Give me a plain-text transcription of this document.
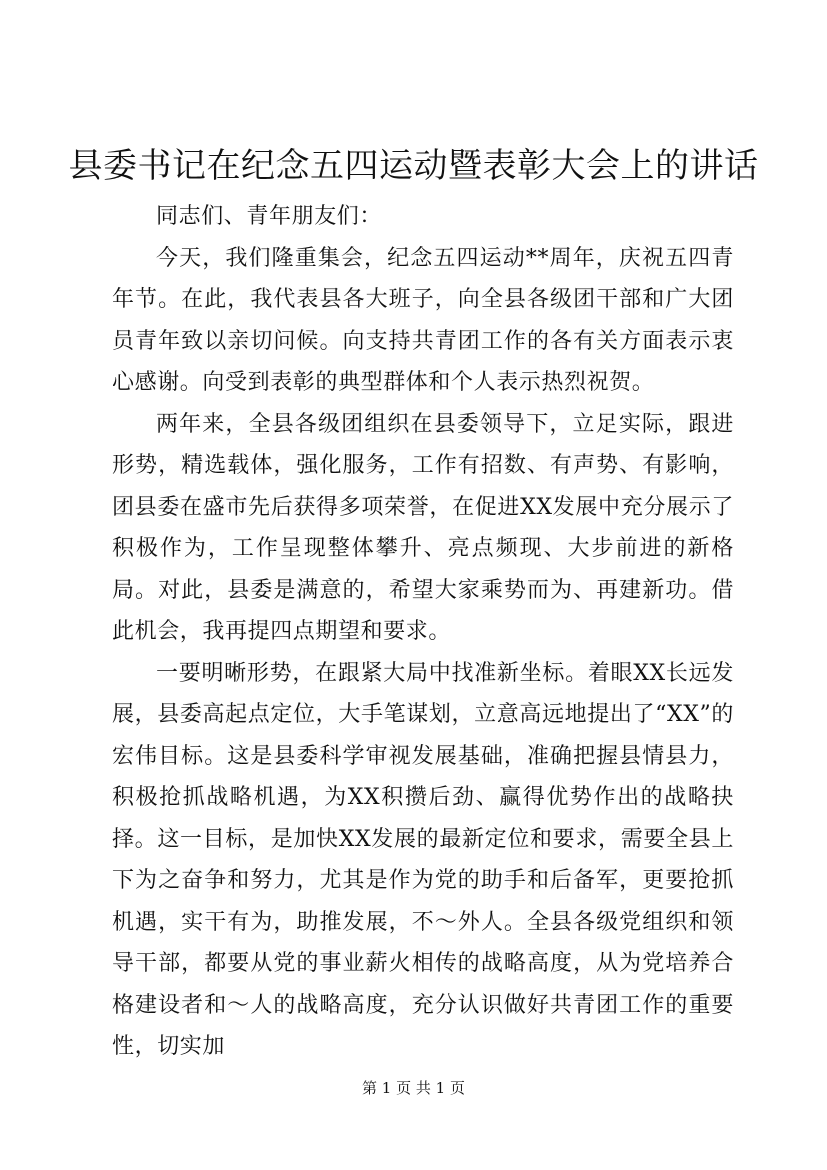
县委书记在纪念五四运动暨表彰大会上的讲话

同志们、青年朋友们：

今天，我们隆重集会，纪念五四运动**周年，庆祝五四青年节。在此，我代表县各大班子，向全县各级团干部和广大团员青年致以亲切问候。向支持共青团工作的各有关方面表示衷心感谢。向受到表彰的典型群体和个人表示热烈祝贺。

两年来，全县各级团组织在县委领导下，立足实际，跟进形势，精选载体，强化服务，工作有招数、有声势、有影响，团县委在盛市先后获得多项荣誉，在促进XX发展中充分展示了积极作为，工作呈现整体攀升、亮点频现、大步前进的新格局。对此，县委是满意的，希望大家乘势而为、再建新功。借此机会，我再提四点期望和要求。

一要明晰形势，在跟紧大局中找准新坐标。着眼XX长远发展，县委高起点定位，大手笔谋划，立意高远地提出了“XX”的宏伟目标。这是县委科学审视发展基础，准确把握县情县力，积极抢抓战略机遇，为XX积攒后劲、赢得优势作出的战略抉择。这一目标，是加快XX发展的最新定位和要求，需要全县上下为之奋争和努力，尤其是作为党的助手和后备军，更要抢抓机遇，实干有为，助推发展，不～外人。全县各级党组织和领导干部，都要从党的事业薪火相传的战略高度，从为党培养合格建设者和～人的战略高度，充分认识做好共青团工作的重要性，切实加

第 1 页 共 1 页
